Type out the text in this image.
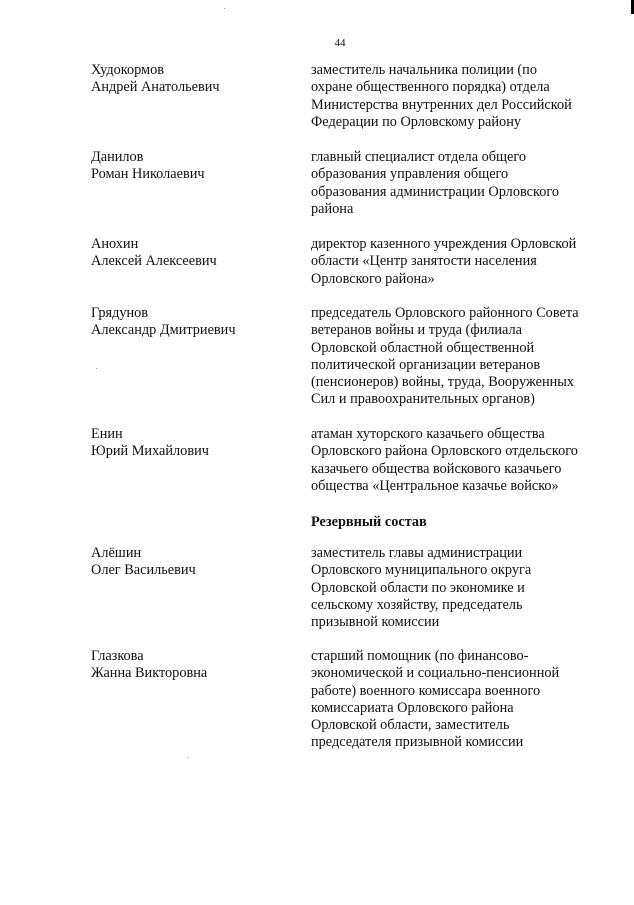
44
Худокормов
Андрей Анатольевич
заместитель начальника полиции (по
охране общественного порядка) отдела
Министерства внутренних дел Российской
Федерации по Орловскому району
Данилов
Роман Николаевич
главный специалист отдела общего
образования управления общего
образования администрации Орловского
района
Анохин
Алексей Алексеевич
директор казенного учреждения Орловской
области «Центр занятости населения
Орловского района»
Грядунов
Александр Дмитриевич
председатель Орловского районного Совета
ветеранов войны и труда (филиала
Орловской областной общественной
политической организации ветеранов
(пенсионеров) войны, труда, Вооруженных
Сил и правоохранительных органов)
Енин
Юрий Михайлович
атаман хуторского казачьего общества
Орловского района Орловского отдельского
казачьего общества войскового казачьего
общества «Центральное казачье войско»
Резервный состав
Алёшин
Олег Васильевич
заместитель главы администрации
Орловского муниципального округа
Орловской области по экономике и
сельскому хозяйству, председатель
призывной комиссии
Глазкова
Жанна Викторовна
старший помощник (по финансово-
экономической и социально-пенсионной
работе) военного комиссара военного
комиссариата Орловского района
Орловской области, заместитель
председателя призывной комиссии
